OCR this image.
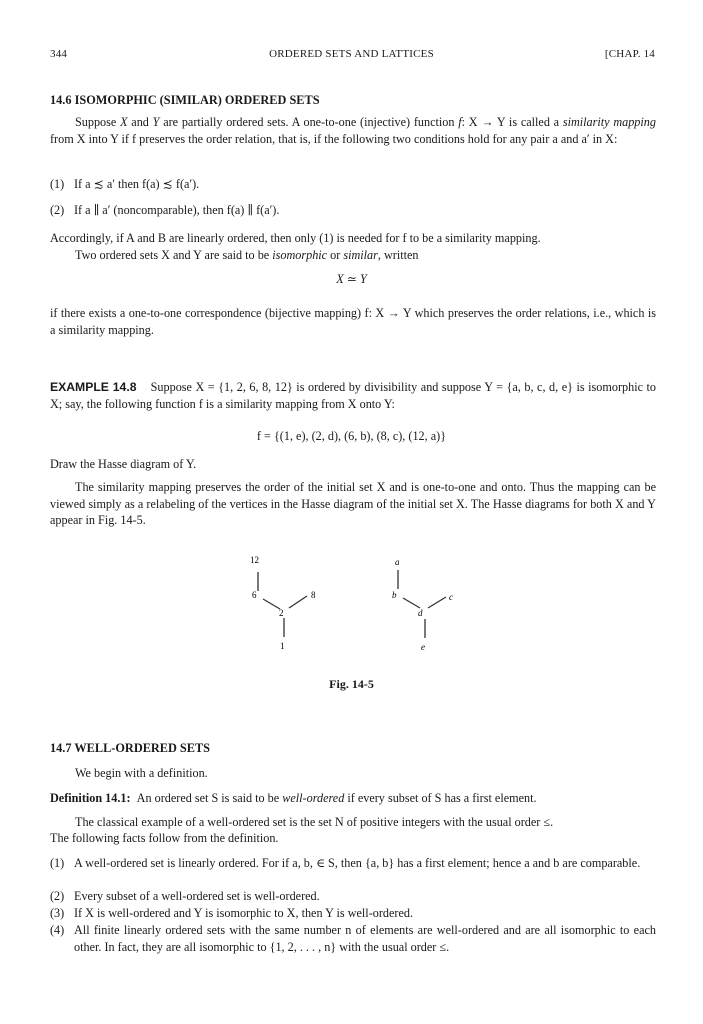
344	ORDERED SETS AND LATTICES	[CHAP. 14
14.6 ISOMORPHIC (SIMILAR) ORDERED SETS
Suppose X and Y are partially ordered sets. A one-to-one (injective) function f: X → Y is called a similarity mapping from X into Y if f preserves the order relation, that is, if the following two conditions hold for any pair a and a′ in X:
(1) If a ≾ a′ then f(a) ≾ f(a′).
(2) If a ∥ a′ (noncomparable), then f(a) ∥ f(a′).
Accordingly, if A and B are linearly ordered, then only (1) is needed for f to be a similarity mapping.
Two ordered sets X and Y are said to be isomorphic or similar, written
X ≃ Y
if there exists a one-to-one correspondence (bijective mapping) f: X → Y which preserves the order relations, i.e., which is a similarity mapping.
EXAMPLE 14.8 Suppose X = {1, 2, 6, 8, 12} is ordered by divisibility and suppose Y = {a, b, c, d, e} is isomorphic to X; say, the following function f is a similarity mapping from X onto Y:
f = {(1, e), (2, d), (6, b), (8, c), (12, a)}
Draw the Hasse diagram of Y.
The similarity mapping preserves the order of the initial set X and is one-to-one and onto. Thus the mapping can be viewed simply as a relabeling of the vertices in the Hasse diagram of the initial set X. The Hasse diagrams for both X and Y appear in Fig. 14-5.
12
6	8
2
1
a
b	c
d
e
Fig. 14-5
14.7 WELL-ORDERED SETS
We begin with a definition.
Definition 14.1: An ordered set S is said to be well-ordered if every subset of S has a first element.
The classical example of a well-ordered set is the set N of positive integers with the usual order ≤.
The following facts follow from the definition.
(1) A well-ordered set is linearly ordered. For if a, b, ∈ S, then {a, b} has a first element; hence a and b are comparable.
(2) Every subset of a well-ordered set is well-ordered.
(3) If X is well-ordered and Y is isomorphic to X, then Y is well-ordered.
(4) All finite linearly ordered sets with the same number n of elements are well-ordered and are all isomorphic to each other. In fact, they are all isomorphic to {1, 2, . . . , n} with the usual order ≤.
